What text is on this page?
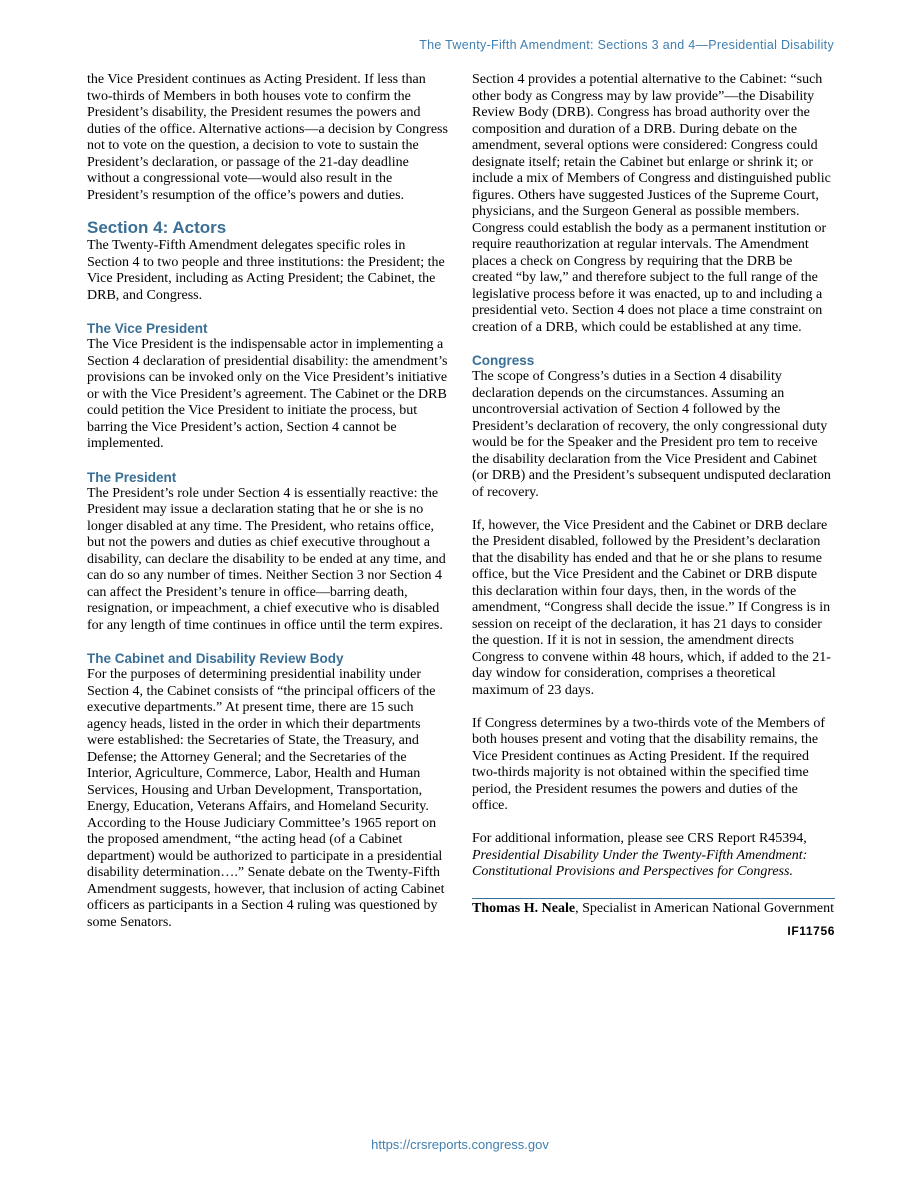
The Twenty-Fifth Amendment: Sections 3 and 4—Presidential Disability

the Vice President continues as Acting President. If less than two-thirds of Members in both houses vote to confirm the President’s disability, the President resumes the powers and duties of the office. Alternative actions—a decision by Congress not to vote on the question, a decision to vote to sustain the President’s declaration, or passage of the 21-day deadline without a congressional vote—would also result in the President’s resumption of the office’s powers and duties.

Section 4: Actors

The Twenty-Fifth Amendment delegates specific roles in Section 4 to two people and three institutions: the President; the Vice President, including as Acting President; the Cabinet, the DRB, and Congress.

The Vice President

The Vice President is the indispensable actor in implementing a Section 4 declaration of presidential disability: the amendment’s provisions can be invoked only on the Vice President’s initiative or with the Vice President’s agreement. The Cabinet or the DRB could petition the Vice President to initiate the process, but barring the Vice President’s action, Section 4 cannot be implemented.

The President

The President’s role under Section 4 is essentially reactive: the President may issue a declaration stating that he or she is no longer disabled at any time. The President, who retains office, but not the powers and duties as chief executive throughout a disability, can declare the disability to be ended at any time, and can do so any number of times. Neither Section 3 nor Section 4 can affect the President’s tenure in office—barring death, resignation, or impeachment, a chief executive who is disabled for any length of time continues in office until the term expires.

The Cabinet and Disability Review Body

For the purposes of determining presidential inability under Section 4, the Cabinet consists of “the principal officers of the executive departments.” At present time, there are 15 such agency heads, listed in the order in which their departments were established: the Secretaries of State, the Treasury, and Defense; the Attorney General; and the Secretaries of the Interior, Agriculture, Commerce, Labor, Health and Human Services, Housing and Urban Development, Transportation, Energy, Education, Veterans Affairs, and Homeland Security. According to the House Judiciary Committee’s 1965 report on the proposed amendment, “the acting head (of a Cabinet department) would be authorized to participate in a presidential disability determination….” Senate debate on the Twenty-Fifth Amendment suggests, however, that inclusion of acting Cabinet officers as participants in a Section 4 ruling was questioned by some Senators.

Section 4 provides a potential alternative to the Cabinet: “such other body as Congress may by law provide”—the Disability Review Body (DRB). Congress has broad authority over the composition and duration of a DRB. During debate on the amendment, several options were considered: Congress could designate itself; retain the Cabinet but enlarge or shrink it; or include a mix of Members of Congress and distinguished public figures. Others have suggested Justices of the Supreme Court, physicians, and the Surgeon General as possible members. Congress could establish the body as a permanent institution or require reauthorization at regular intervals. The Amendment places a check on Congress by requiring that the DRB be created “by law,” and therefore subject to the full range of the legislative process before it was enacted, up to and including a presidential veto. Section 4 does not place a time constraint on creation of a DRB, which could be established at any time.

Congress

The scope of Congress’s duties in a Section 4 disability declaration depends on the circumstances. Assuming an uncontroversial activation of Section 4 followed by the President’s declaration of recovery, the only congressional duty would be for the Speaker and the President pro tem to receive the disability declaration from the Vice President and Cabinet (or DRB) and the President’s subsequent undisputed declaration of recovery.

If, however, the Vice President and the Cabinet or DRB declare the President disabled, followed by the President’s declaration that the disability has ended and that he or she plans to resume office, but the Vice President and the Cabinet or DRB dispute this declaration within four days, then, in the words of the amendment, “Congress shall decide the issue.” If Congress is in session on receipt of the declaration, it has 21 days to consider the question. If it is not in session, the amendment directs Congress to convene within 48 hours, which, if added to the 21-day window for consideration, comprises a theoretical maximum of 23 days.

If Congress determines by a two-thirds vote of the Members of both houses present and voting that the disability remains, the Vice President continues as Acting President. If the required two-thirds majority is not obtained within the specified time period, the President resumes the powers and duties of the office.

For additional information, please see CRS Report R45394, Presidential Disability Under the Twenty-Fifth Amendment: Constitutional Provisions and Perspectives for Congress.

Thomas H. Neale, Specialist in American National Government

IF11756
https://crsreports.congress.gov
